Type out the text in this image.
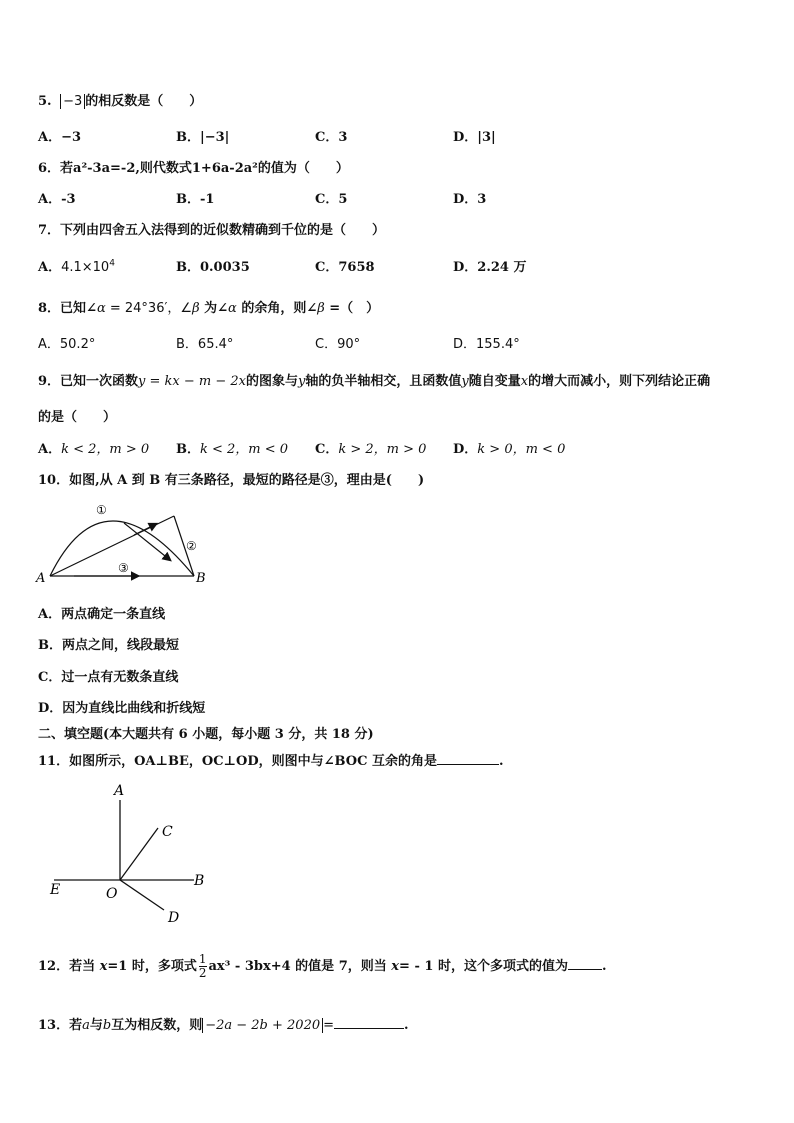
5. −3 的相反数是（　　）
A．−3	B．|−3|	C．3	D．|3|
6．若a²-3a=-2,则代数式1+6a-2a²的值为（　　）
A．-3	B．-1	C．5	D．3
7．下列由四舍五入法得到的近似数精确到千位的是（　　）
A．$4.1\times 10^4$	B．0.0035	C．7658	D．2.24 万
8．已知∠α = 24°36′，∠β 为∠α 的余角，则∠β =（　）
A．50.2°	B．65.4°	C．90°	D．155.4°
9．已知一次函数y = kx − m − 2x的图象与y轴的负半轴相交，且函数值y随自变量x的增大而减小，则下列结论正确
的是（　　）
A．k < 2，m > 0 B．k < 2，m < 0 C．k > 2，m > 0 D．k > 0，m < 0
10．如图,从 A 到 B 有三条路径，最短的路径是③，理由是(　　)
A	B
①
②
③
A．两点确定一条直线
B．两点之间，线段最短
C．过一点有无数条直线
D．因为直线比曲线和折线短
二、填空题(本大题共有 6 小题，每小题 3 分，共 18 分)
11．如图所示，OA⊥BE，OC⊥OD，则图中与∠BOC 互余的角是	.
A
B
C
D
E	O
12．若当 x=1 时，多项式 $\frac{1}{2} ax^3 - 3bx+4$ 的值是 7，则当 x= - 1 时，这个多项式的值为	.
13．若a与b互为相反数，则 −2a − 2b + 2020 =	.
